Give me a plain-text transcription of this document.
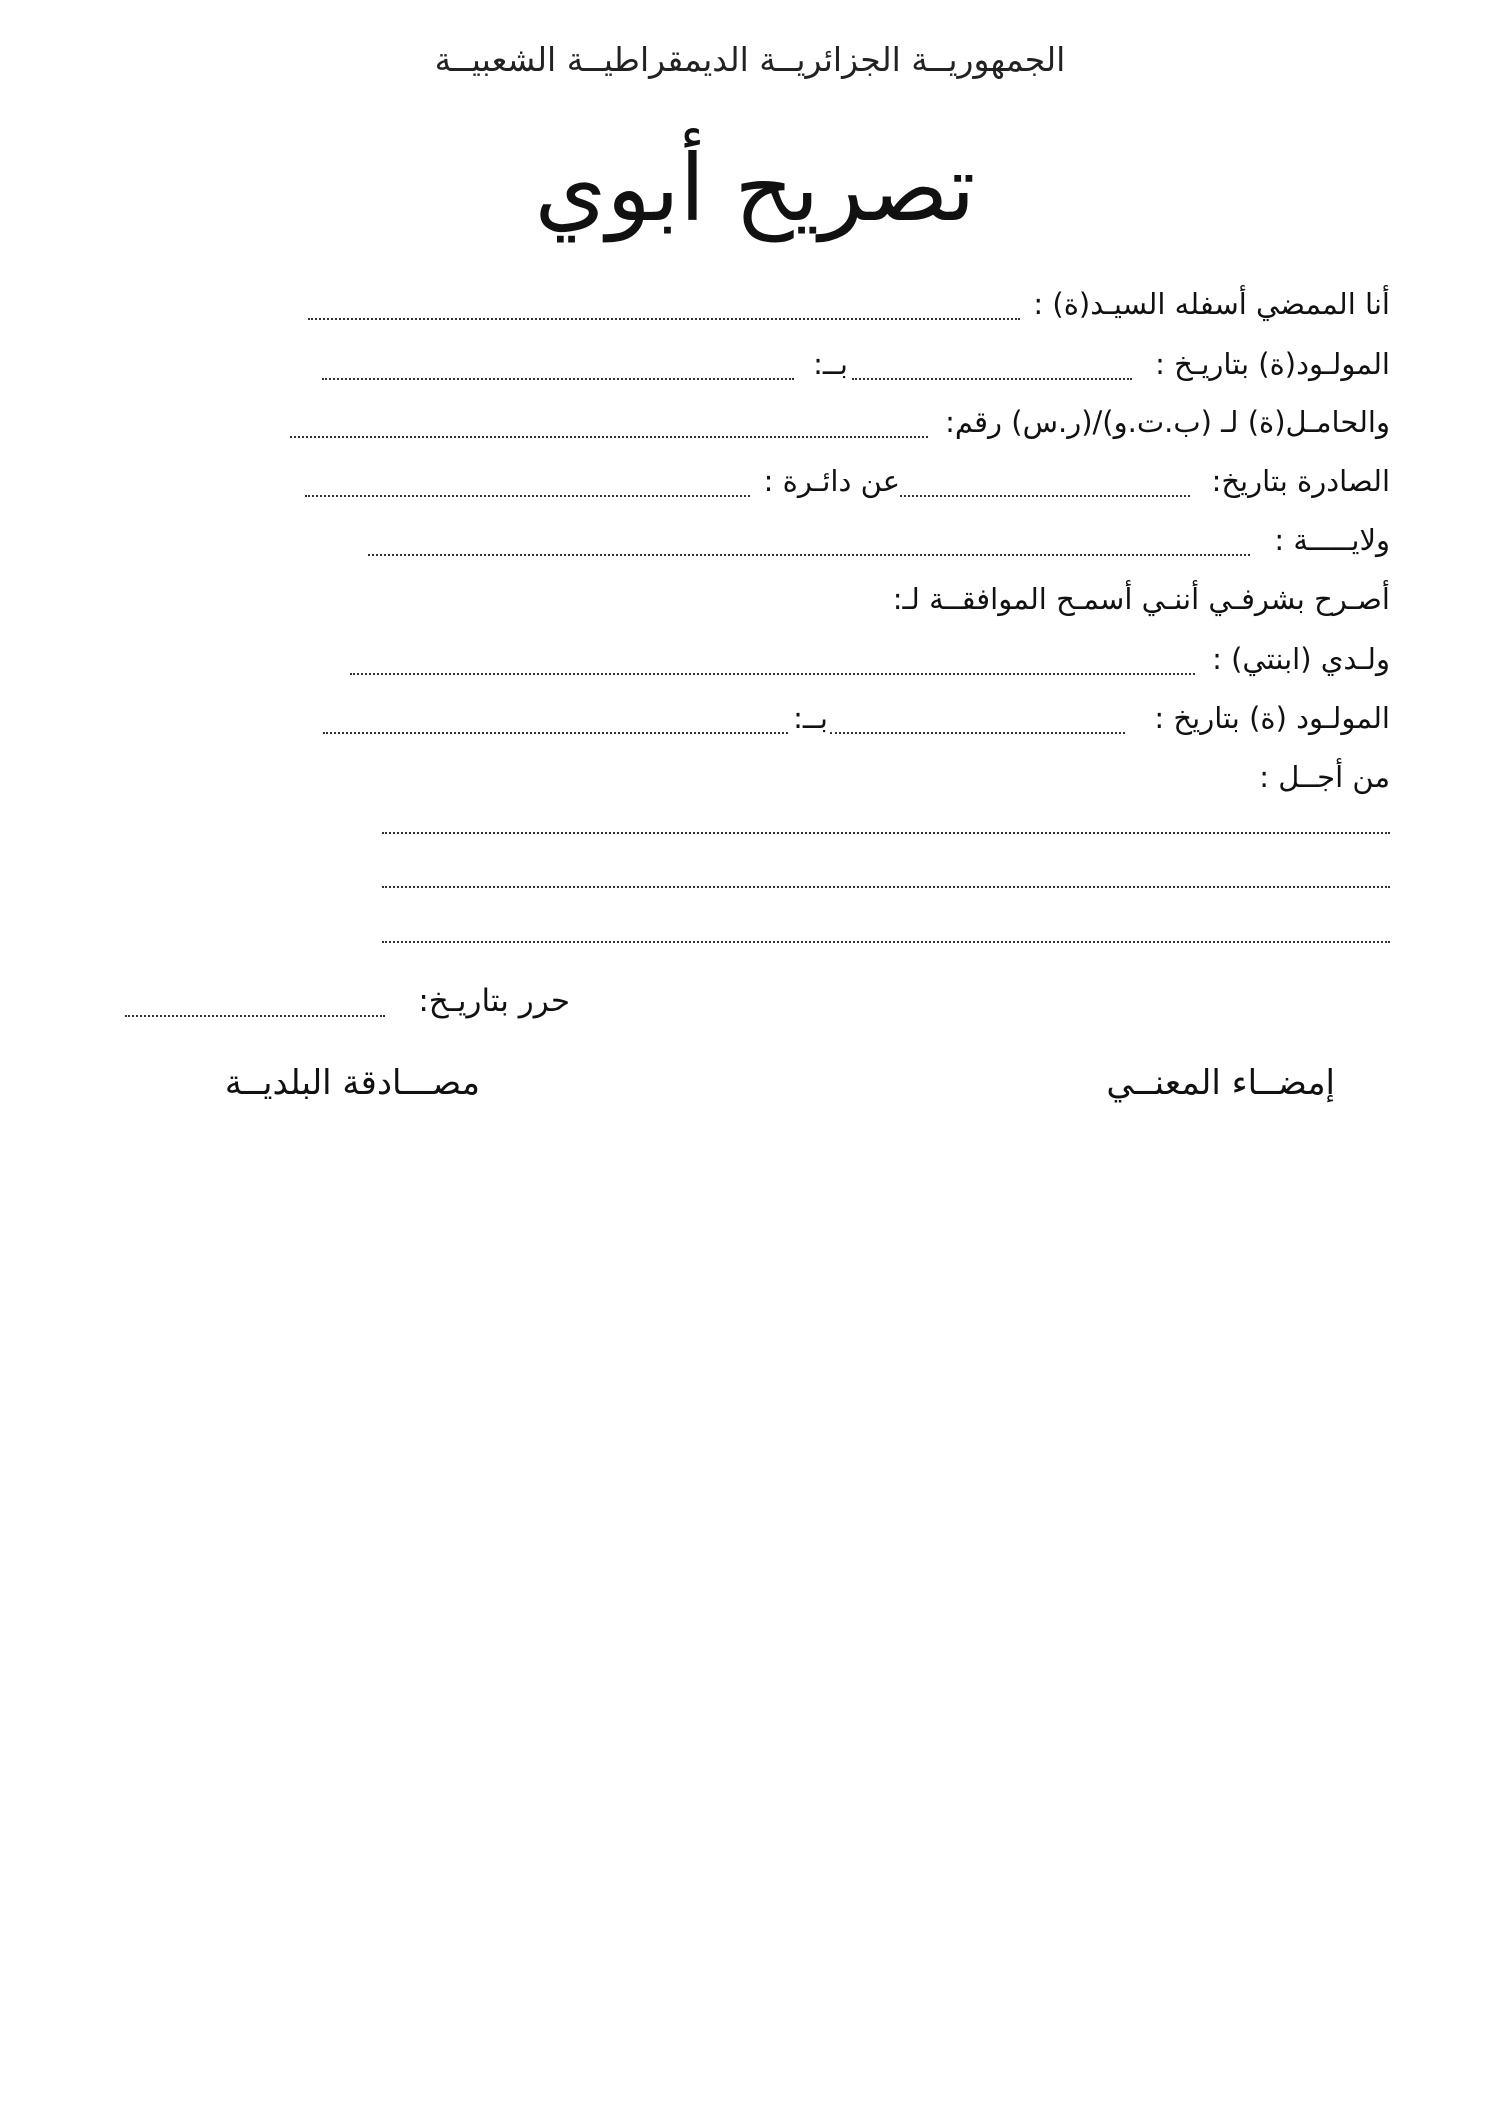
الجمهوريــة الجزائريــة الديمقراطيــة الشعبيــة
تصريح أبوي
أنا الممضي أسفله السيـد(ة) :
المولـود(ة) بتاريـخ :
بــ:
والحامـل(ة) لـ (ب.ت.و)/(ر.س) رقم:
الصادرة بتاريخ:
عن دائـرة :
ولايـــــة :
أصـرح بشرفـي أننـي أسمـح الموافقــة لـ:
ولـدي (ابنتي) :
المولـود (ة) بتاريخ :
بــ:
من أجــل :
حرر بتاريـخ:
إمضــاء المعنــي
مصـــادقة البلديــة
